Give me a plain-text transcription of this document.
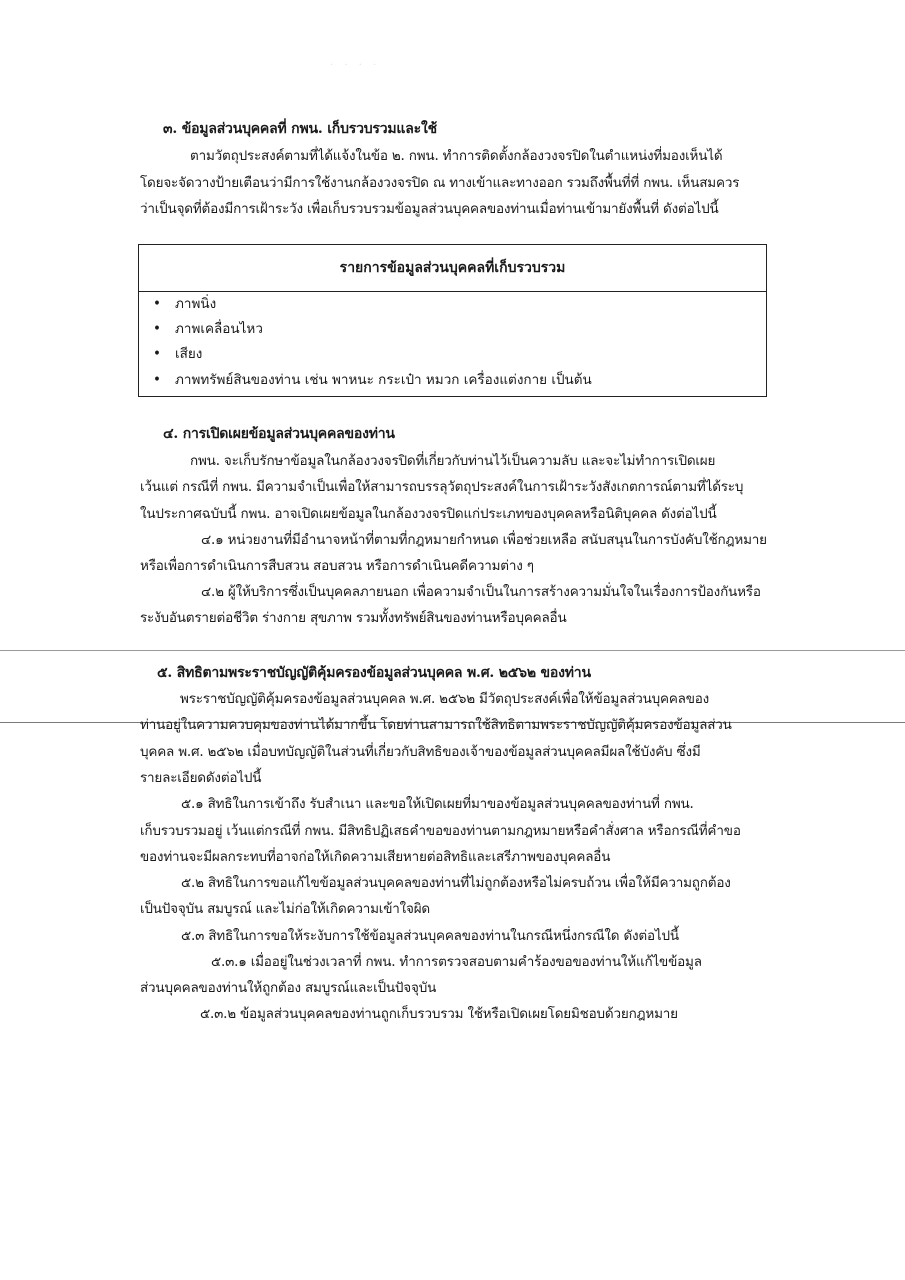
· · · ·
๓. ข้อมูลส่วนบุคคลที่ กพน. เก็บรวบรวมและใช้
ตามวัตถุประสงค์ตามที่ได้แจ้งในข้อ ๒. กพน. ทำการติดตั้งกล้องวงจรปิดในตำแหน่งที่มองเห็นได้
โดยจะจัดวางป้ายเตือนว่ามีการใช้งานกล้องวงจรปิด ณ ทางเข้าและทางออก รวมถึงพื้นที่ที่ กพน. เห็นสมควร
ว่าเป็นจุดที่ต้องมีการเฝ้าระวัง เพื่อเก็บรวบรวมข้อมูลส่วนบุคคลของท่านเมื่อท่านเข้ามายังพื้นที่ ดังต่อไปนี้
รายการข้อมูลส่วนบุคคลที่เก็บรวบรวม
• ภาพนิ่ง
• ภาพเคลื่อนไหว
• เสียง
• ภาพทรัพย์สินของท่าน เช่น พาหนะ กระเป๋า หมวก เครื่องแต่งกาย เป็นต้น
๔. การเปิดเผยข้อมูลส่วนบุคคลของท่าน
กพน. จะเก็บรักษาข้อมูลในกล้องวงจรปิดที่เกี่ยวกับท่านไว้เป็นความลับ และจะไม่ทำการเปิดเผย
เว้นแต่ กรณีที่ กพน. มีความจำเป็นเพื่อให้สามารถบรรลุวัตถุประสงค์ในการเฝ้าระวังสังเกตการณ์ตามที่ได้ระบุ
ในประกาศฉบับนี้ กพน. อาจเปิดเผยข้อมูลในกล้องวงจรปิดแก่ประเภทของบุคคลหรือนิติบุคคล ดังต่อไปนี้
๔.๑ หน่วยงานที่มีอำนาจหน้าที่ตามที่กฎหมายกำหนด เพื่อช่วยเหลือ สนับสนุนในการบังคับใช้กฎหมาย
หรือเพื่อการดำเนินการสืบสวน สอบสวน หรือการดำเนินคดีความต่าง ๆ
๔.๒ ผู้ให้บริการซึ่งเป็นบุคคลภายนอก เพื่อความจำเป็นในการสร้างความมั่นใจในเรื่องการป้องกันหรือ
ระงับอันตรายต่อชีวิต ร่างกาย สุขภาพ รวมทั้งทรัพย์สินของท่านหรือบุคคลอื่น
๕. สิทธิตามพระราชบัญญัติคุ้มครองข้อมูลส่วนบุคคล พ.ศ. ๒๕๖๒ ของท่าน
พระราชบัญญัติคุ้มครองข้อมูลส่วนบุคคล พ.ศ. ๒๕๖๒ มีวัตถุประสงค์เพื่อให้ข้อมูลส่วนบุคคลของ
ท่านอยู่ในความควบคุมของท่านได้มากขึ้น โดยท่านสามารถใช้สิทธิตามพระราชบัญญัติคุ้มครองข้อมูลส่วน
บุคคล พ.ศ. ๒๕๖๒ เมื่อบทบัญญัติในส่วนที่เกี่ยวกับสิทธิของเจ้าของข้อมูลส่วนบุคคลมีผลใช้บังคับ ซึ่งมี
รายละเอียดดังต่อไปนี้
๕.๑ สิทธิในการเข้าถึง รับสำเนา และขอให้เปิดเผยที่มาของข้อมูลส่วนบุคคลของท่านที่ กพน.
เก็บรวบรวมอยู่ เว้นแต่กรณีที่ กพน. มีสิทธิปฏิเสธคำขอของท่านตามกฎหมายหรือคำสั่งศาล หรือกรณีที่คำขอ
ของท่านจะมีผลกระทบที่อาจก่อให้เกิดความเสียหายต่อสิทธิและเสรีภาพของบุคคลอื่น
๕.๒ สิทธิในการขอแก้ไขข้อมูลส่วนบุคคลของท่านที่ไม่ถูกต้องหรือไม่ครบถ้วน เพื่อให้มีความถูกต้อง
เป็นปัจจุบัน สมบูรณ์ และไม่ก่อให้เกิดความเข้าใจผิด
๕.๓ สิทธิในการขอให้ระงับการใช้ข้อมูลส่วนบุคคลของท่านในกรณีหนึ่งกรณีใด ดังต่อไปนี้
๕.๓.๑ เมื่ออยู่ในช่วงเวลาที่ กพน. ทำการตรวจสอบตามคำร้องขอของท่านให้แก้ไขข้อมูล
ส่วนบุคคลของท่านให้ถูกต้อง สมบูรณ์และเป็นปัจจุบัน
๕.๓.๒ ข้อมูลส่วนบุคคลของท่านถูกเก็บรวบรวม ใช้หรือเปิดเผยโดยมิชอบด้วยกฎหมาย
